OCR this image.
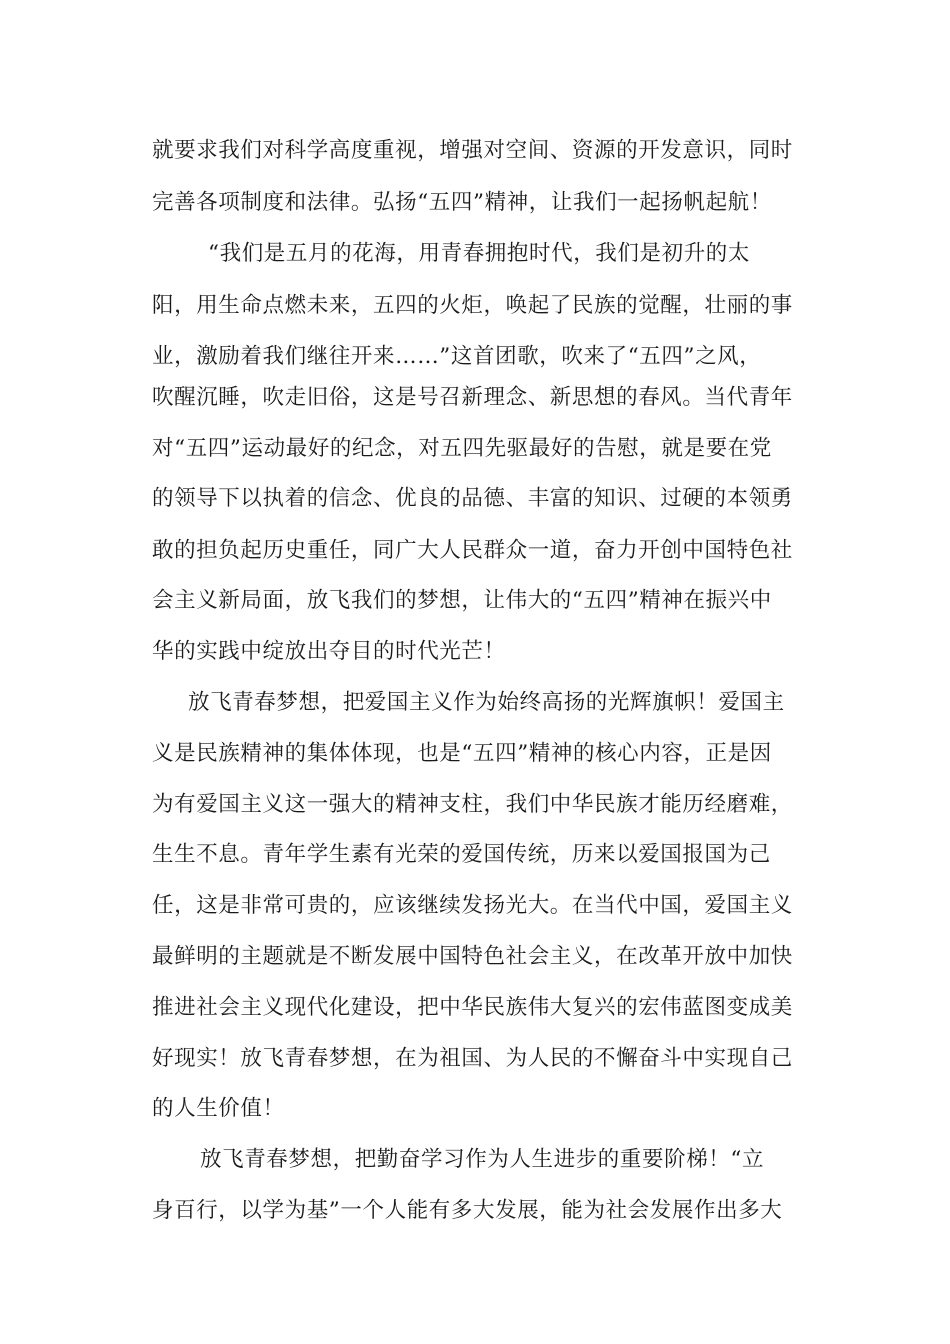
就要求我们对科学高度重视，增强对空间、资源的开发意识，同时
完善各项制度和法律。弘扬“五四”精神，让我们一起扬帆起航！
“我们是五月的花海，用青春拥抱时代，我们是初升的太
阳，用生命点燃未来，五四的火炬，唤起了民族的觉醒，壮丽的事
业，激励着我们继往开来……”这首团歌，吹来了“五四”之风，
吹醒沉睡，吹走旧俗，这是号召新理念、新思想的春风。当代青年
对“五四”运动最好的纪念，对五四先驱最好的告慰，就是要在党
的领导下以执着的信念、优良的品德、丰富的知识、过硬的本领勇
敢的担负起历史重任，同广大人民群众一道，奋力开创中国特色社
会主义新局面，放飞我们的梦想，让伟大的“五四”精神在振兴中
华的实践中绽放出夺目的时代光芒！
放飞青春梦想，把爱国主义作为始终高扬的光辉旗帜！爱国主
义是民族精神的集体体现，也是“五四”精神的核心内容，正是因
为有爱国主义这一强大的精神支柱，我们中华民族才能历经磨难，
生生不息。青年学生素有光荣的爱国传统，历来以爱国报国为己
任，这是非常可贵的，应该继续发扬光大。在当代中国，爱国主义
最鲜明的主题就是不断发展中国特色社会主义，在改革开放中加快
推进社会主义现代化建设，把中华民族伟大复兴的宏伟蓝图变成美
好现实！放飞青春梦想，在为祖国、为人民的不懈奋斗中实现自己
的人生价值！
放飞青春梦想，把勤奋学习作为人生进步的重要阶梯！“立
身百行，以学为基”一个人能有多大发展，能为社会发展作出多大
